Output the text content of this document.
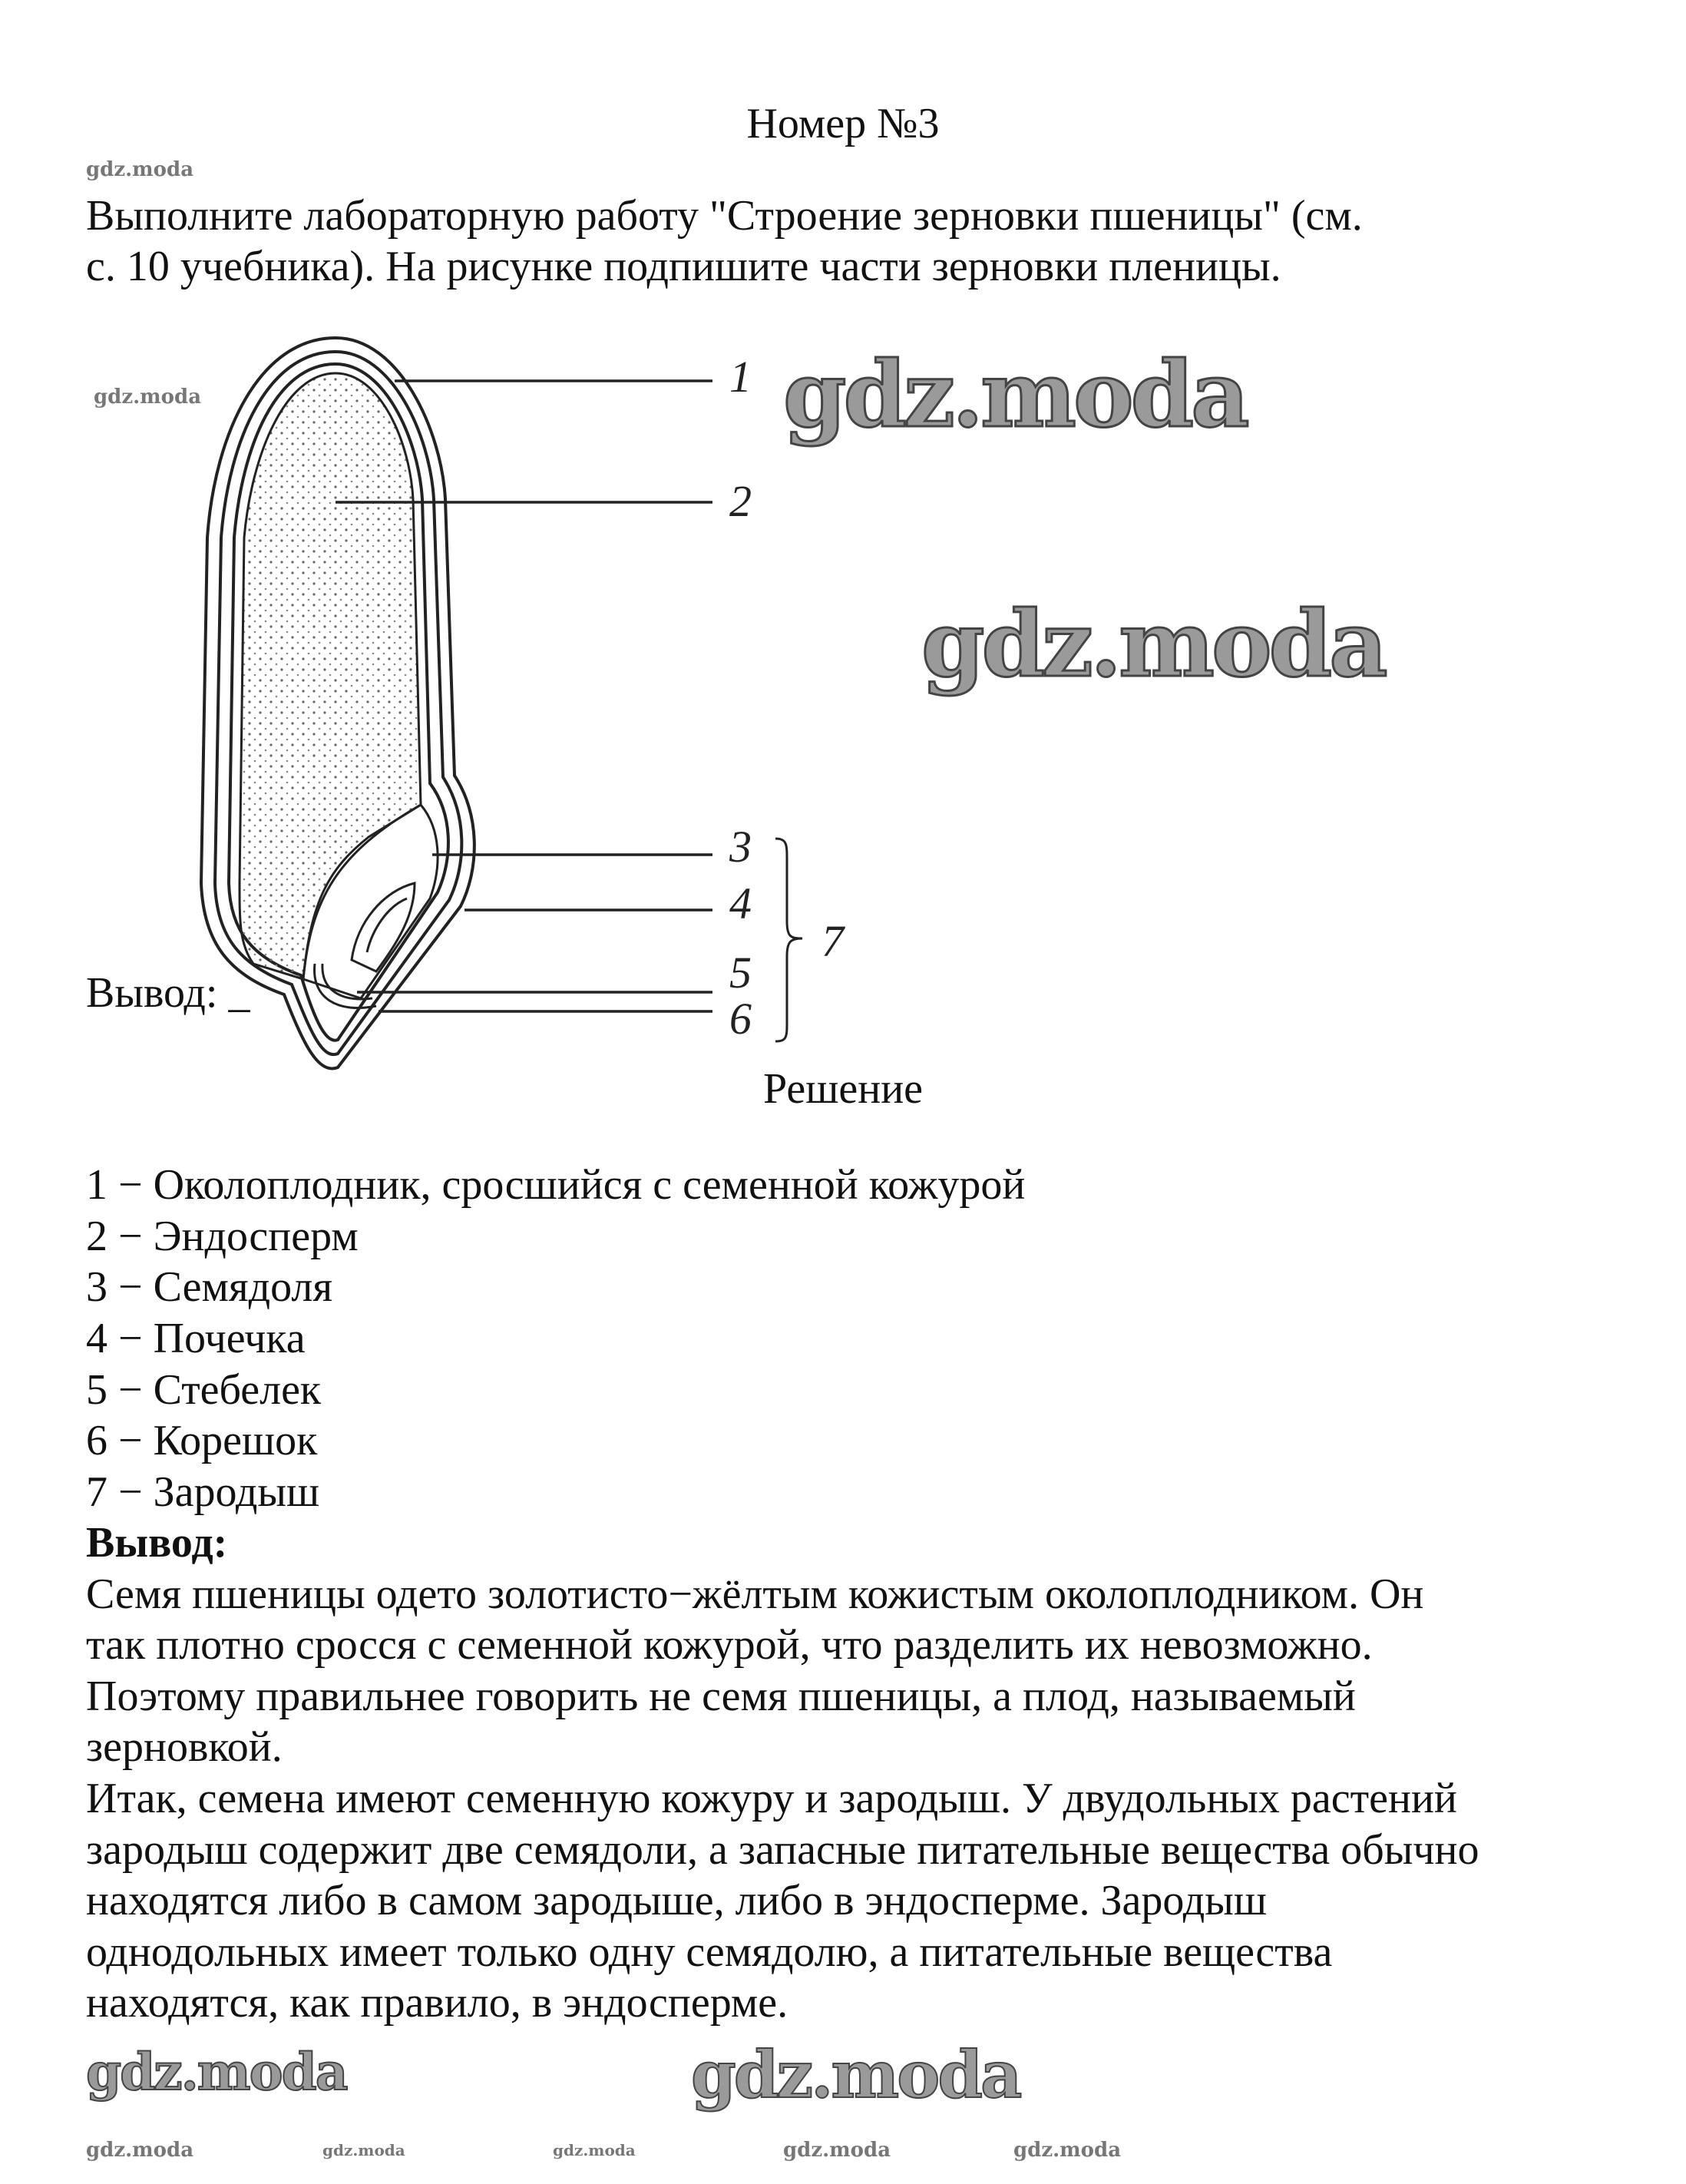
Номер №3
gdz.moda
Выполните лабораторную работу "Строение зерновки пшеницы" (см.
с. 10 учебника). На рисунке подпишите части зерновки пленицы.
1
2
3
4
5
6
7
gdz.moda	gdz.moda
Вывод: _
gdz.moda
Решение
1 − Околоплодник, сросшийся с семенной кожурой
2 − Эндосперм
3 − Семядоля
4 − Почечка
5 − Стебелек
6 − Корешок
7 − Зародыш
Вывод:
Семя пшеницы одето золотисто−жёлтым кожистым околоплодником. Он
так плотно сросся с семенной кожурой, что разделить их невозможно.
Поэтому правильнее говорить не семя пшеницы, а плод, называемый
зерновкой.
Итак, семена имеют семенную кожуру и зародыш. У двудольных растений
зародыш содержит две семядоли, а запасные питательные вещества обычно
находятся либо в самом зародыше, либо в эндосперме. Зародыш
однодольных имеет только одну семядолю, а питательные вещества
находятся, как правило, в эндосперме.
gdz.moda	gdz.moda
gdz.moda	gdz.moda	gdz.moda	gdz.moda	gdz.moda
